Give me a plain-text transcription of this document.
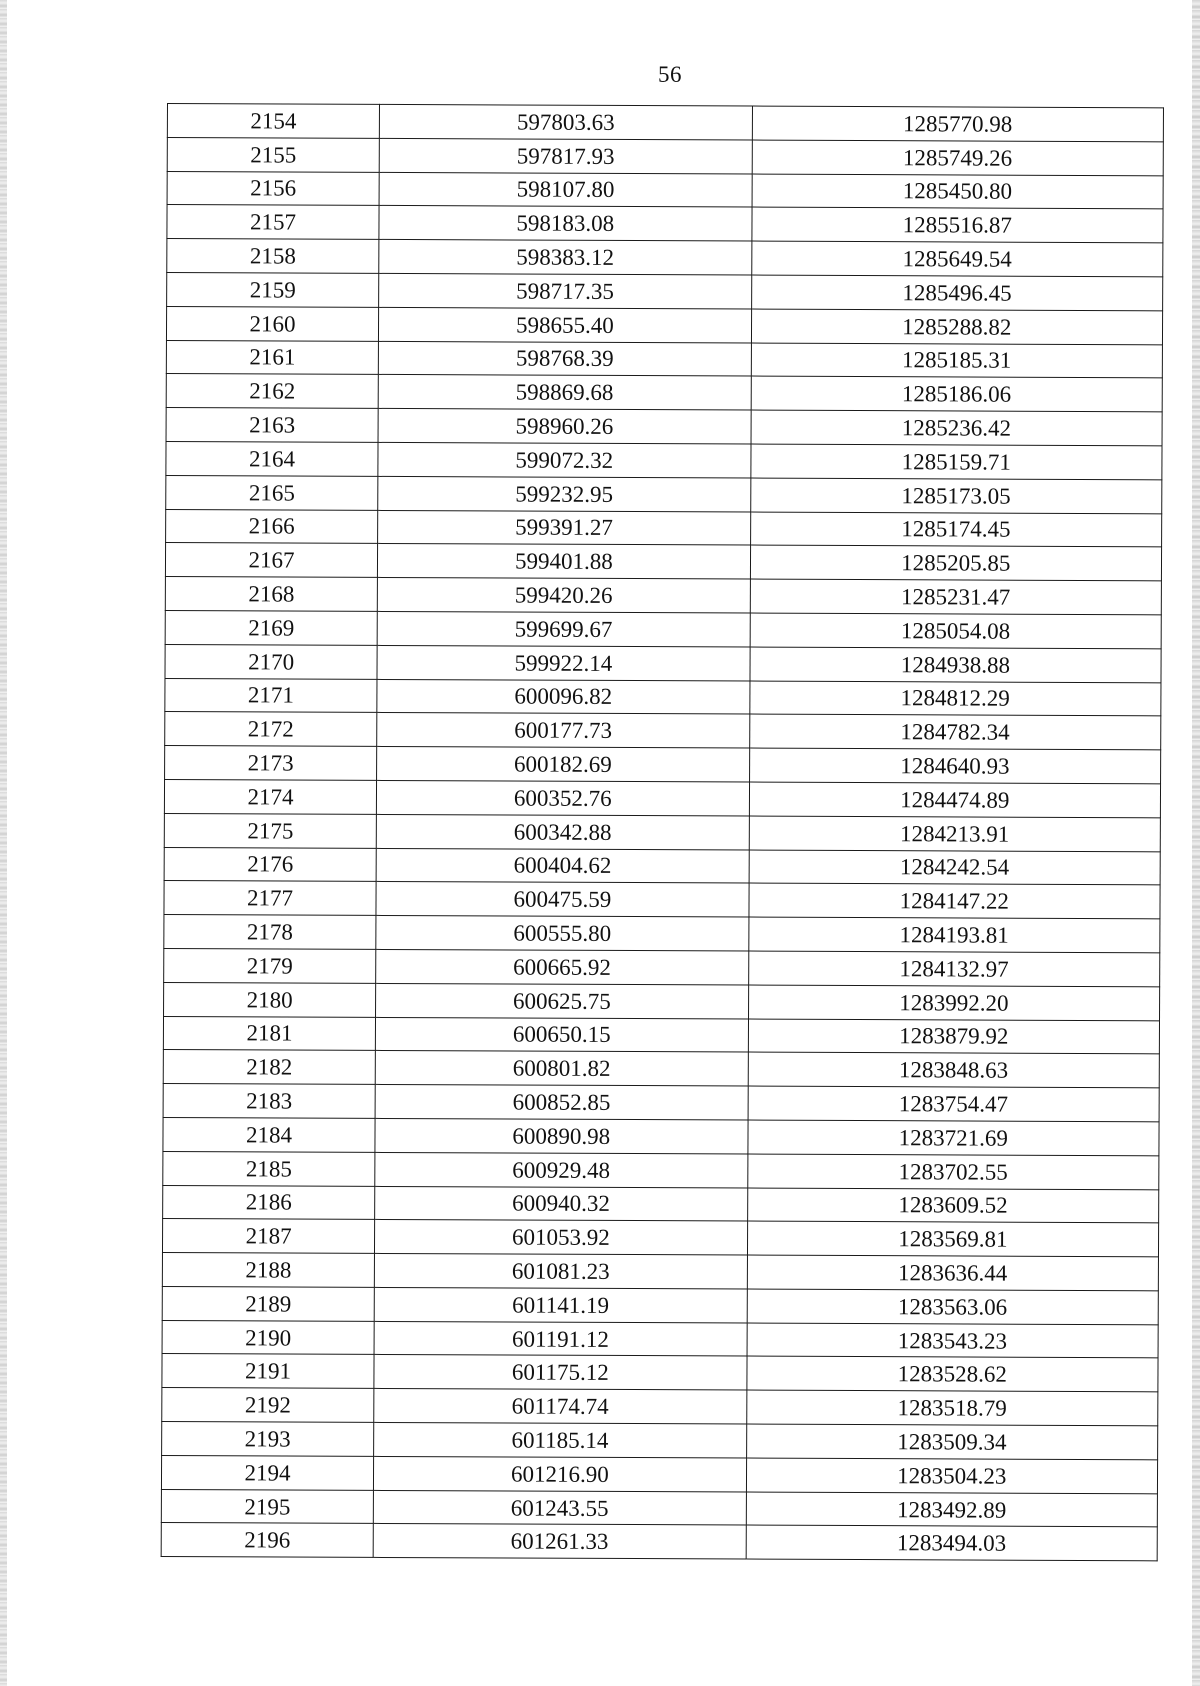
56
2154	597803.63	1285770.98
2155	597817.93	1285749.26
2156	598107.80	1285450.80
2157	598183.08	1285516.87
2158	598383.12	1285649.54
2159	598717.35	1285496.45
2160	598655.40	1285288.82
2161	598768.39	1285185.31
2162	598869.68	1285186.06
2163	598960.26	1285236.42
2164	599072.32	1285159.71
2165	599232.95	1285173.05
2166	599391.27	1285174.45
2167	599401.88	1285205.85
2168	599420.26	1285231.47
2169	599699.67	1285054.08
2170	599922.14	1284938.88
2171	600096.82	1284812.29
2172	600177.73	1284782.34
2173	600182.69	1284640.93
2174	600352.76	1284474.89
2175	600342.88	1284213.91
2176	600404.62	1284242.54
2177	600475.59	1284147.22
2178	600555.80	1284193.81
2179	600665.92	1284132.97
2180	600625.75	1283992.20
2181	600650.15	1283879.92
2182	600801.82	1283848.63
2183	600852.85	1283754.47
2184	600890.98	1283721.69
2185	600929.48	1283702.55
2186	600940.32	1283609.52
2187	601053.92	1283569.81
2188	601081.23	1283636.44
2189	601141.19	1283563.06
2190	601191.12	1283543.23
2191	601175.12	1283528.62
2192	601174.74	1283518.79
2193	601185.14	1283509.34
2194	601216.90	1283504.23
2195	601243.55	1283492.89
2196	601261.33	1283494.03
